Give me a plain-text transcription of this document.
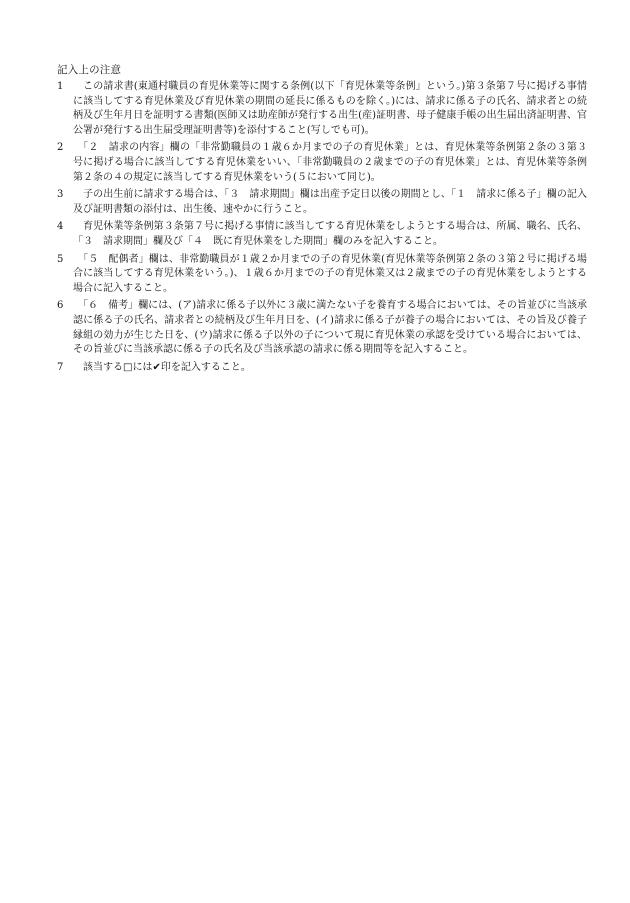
記入上の注意
1 　この請求書(東通村職員の育児休業等に関する条例(以下「育児休業等条例」という。)第３条第７号に掲げる事情に該当してする育児休業及び育児休業の期間の延長に係るものを除く。)には、請求に係る子の氏名、請求者との続柄及び生年月日を証明する書類(医師又は助産師が発行する出生(産)証明書、母子健康手帳の出生届出済証明書、官公署が発行する出生届受理証明書等)を添付すること(写しでも可)。
2 　「２　請求の内容」欄の「非常勤職員の１歳６か月までの子の育児休業」とは、育児休業等条例第２条の３第３号に掲げる場合に該当してする育児休業をいい、「非常勤職員の２歳までの子の育児休業」とは、育児休業等条例第２条の４の規定に該当してする育児休業をいう(５において同じ)。
3 　子の出生前に請求する場合は、「３　請求期間」欄は出産予定日以後の期間とし、「１　請求に係る子」欄の記入及び証明書類の添付は、出生後、速やかに行うこと。
4 　育児休業等条例第３条第７号に掲げる事情に該当してする育児休業をしようとする場合は、所属、職名、氏名、「３　請求期間」欄及び「４　既に育児休業をした期間」欄のみを記入すること。
5 　「５　配偶者」欄は、非常勤職員が１歳２か月までの子の育児休業(育児休業等条例第２条の３第２号に掲げる場合に該当してする育児休業をいう。)、１歳６か月までの子の育児休業又は２歳までの子の育児休業をしようとする場合に記入すること。
6 　「６　備考」欄には、(ア)請求に係る子以外に３歳に満たない子を養育する場合においては、その旨並びに当該承認に係る子の氏名、請求者との続柄及び生年月日を、(イ)請求に係る子が養子の場合においては、その旨及び養子縁組の効力が生じた日を、(ウ)請求に係る子以外の子について現に育児休業の承認を受けている場合においては、その旨並びに当該承認に係る子の氏名及び当該承認の請求に係る期間等を記入すること。
7 　該当する□には✔印を記入すること。
